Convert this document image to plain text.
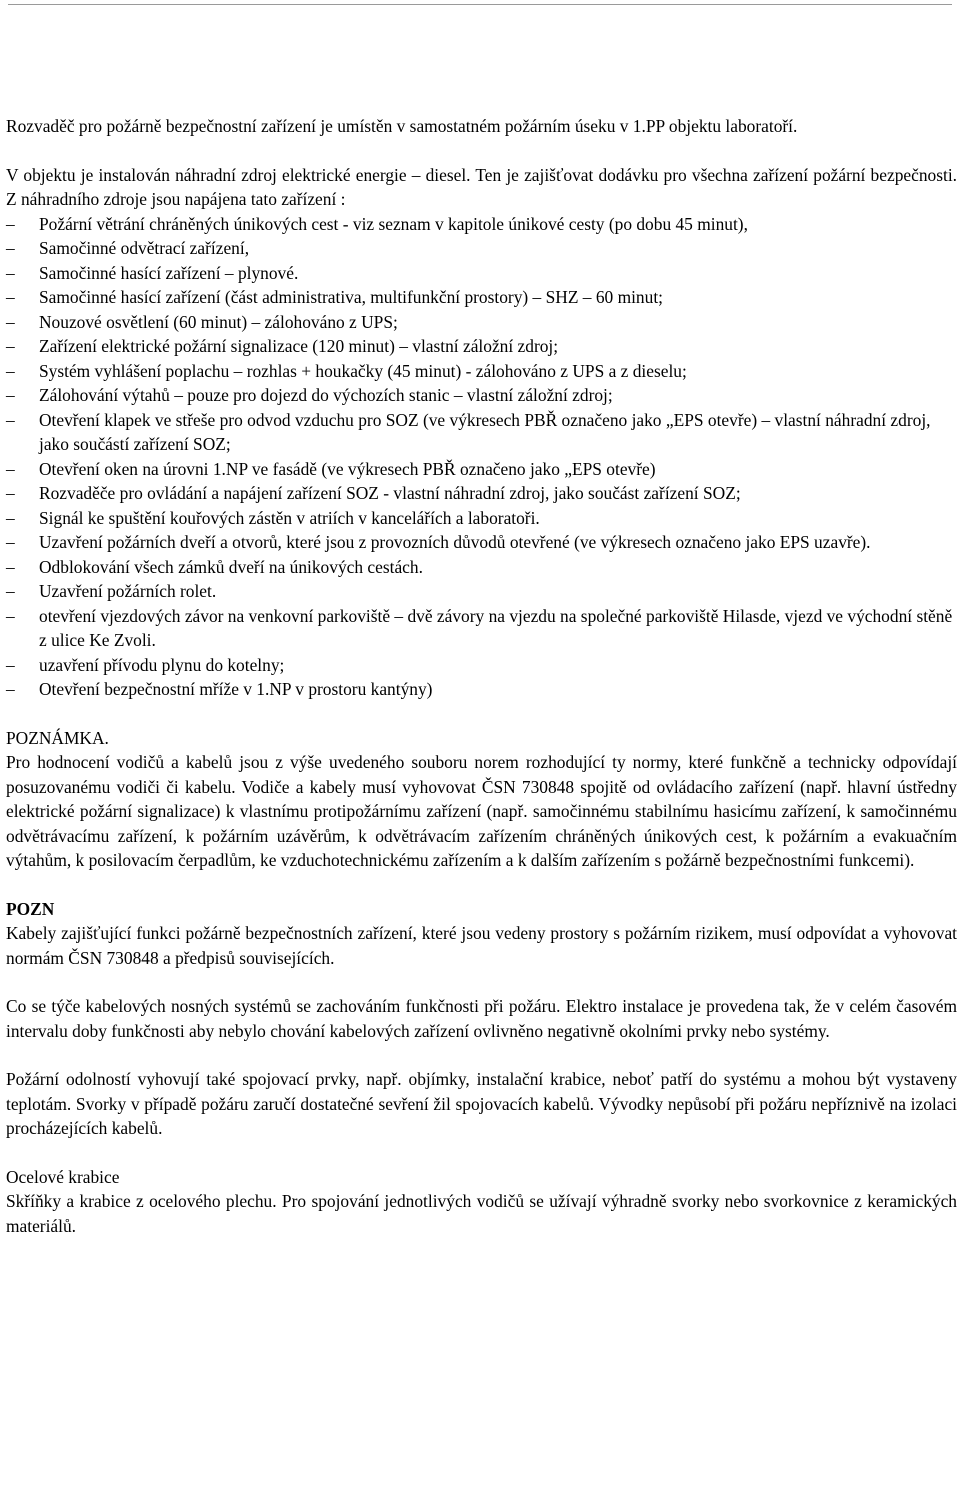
Rozvaděč pro požárně bezpečnostní zařízení je umístěn v samostatném požárním úseku v 1.PP objektu laboratoří.

V objektu je instalován náhradní zdroj elektrické energie – diesel. Ten je zajišťovat dodávku pro všechna zařízení požární bezpečnosti. Z náhradního zdroje jsou napájena tato zařízení :

– Požární větrání chráněných únikových cest - viz seznam v kapitole únikové cesty (po dobu 45 minut),
– Samočinné odvětrací zařízení,
– Samočinné hasící zařízení – plynové.
– Samočinné hasící zařízení (část administrativa, multifunkční prostory) – SHZ – 60 minut;
– Nouzové osvětlení (60 minut) – zálohováno z UPS;
– Zařízení elektrické požární signalizace (120 minut) – vlastní záložní zdroj;
– Systém vyhlášení poplachu – rozhlas + houkačky (45 minut) - zálohováno z UPS a z dieselu;
– Zálohování výtahů – pouze pro dojezd do výchozích stanic – vlastní záložní zdroj;
– Otevření klapek ve střeše pro odvod vzduchu pro SOZ (ve výkresech PBŘ označeno jako „EPS otevře) – vlastní náhradní zdroj, jako součástí zařízení SOZ;
– Otevření oken na úrovni 1.NP ve fasádě (ve výkresech PBŘ označeno jako „EPS otevře)
– Rozvaděče pro ovládání a napájení zařízení SOZ - vlastní náhradní zdroj, jako součást zařízení SOZ;
– Signál ke spuštění kouřových zástěn v atriích v kancelářích a laboratoři.
– Uzavření požárních dveří a otvorů, které jsou z provozních důvodů otevřené (ve výkresech označeno jako EPS uzavře).
– Odblokování všech zámků dveří na únikových cestách.
– Uzavření požárních rolet.
– otevření vjezdových závor na venkovní parkoviště – dvě závory na vjezdu na společné parkoviště Hilasde, vjezd ve východní stěně z ulice Ke Zvoli.
– uzavření přívodu plynu do kotelny;
– Otevření bezpečnostní mříže v 1.NP v prostoru kantýny)

POZNÁMKA.

Pro hodnocení vodičů a kabelů jsou z výše uvedeného souboru norem rozhodující ty normy, které funkčně a technicky odpovídají posuzovanému vodiči či kabelu. Vodiče a kabely musí vyhovovat ČSN 730848 spojitě od ovládacího zařízení (např. hlavní ústředny elektrické požární signalizace) k vlastnímu protipožárnímu zařízení (např. samočinnému stabilnímu hasicímu zařízení, k samočinnému odvětrávacímu zařízení, k požárním uzávěrům, k odvětrávacím zařízením chráněných únikových cest, k požárním a evakuačním výtahům, k posilovacím čerpadlům, ke vzduchotechnickému zařízením a k dalším zařízením s požárně bezpečnostními funkcemi).

POZN

Kabely zajišťující funkci požárně bezpečnostních zařízení, které jsou vedeny prostory s požárním rizikem, musí odpovídat a vyhovovat normám ČSN 730848 a předpisů souvisejících.

Co se týče kabelových nosných systémů se zachováním funkčnosti při požáru. Elektro instalace je provedena tak, že v celém časovém intervalu doby funkčnosti aby nebylo chování kabelových zařízení ovlivněno negativně okolními prvky nebo systémy.

Požární odolností vyhovují také spojovací prvky, např. objímky, instalační krabice, neboť patří do systému a mohou být vystaveny teplotám. Svorky v případě požáru zaručí dostatečné sevření žil spojovacích kabelů. Vývodky nepůsobí při požáru nepříznivě na izolaci procházejících kabelů.

Ocelové krabice

Skříňky a krabice z ocelového plechu. Pro spojování jednotlivých vodičů se užívají výhradně svorky nebo svorkovnice z keramických materiálů.
